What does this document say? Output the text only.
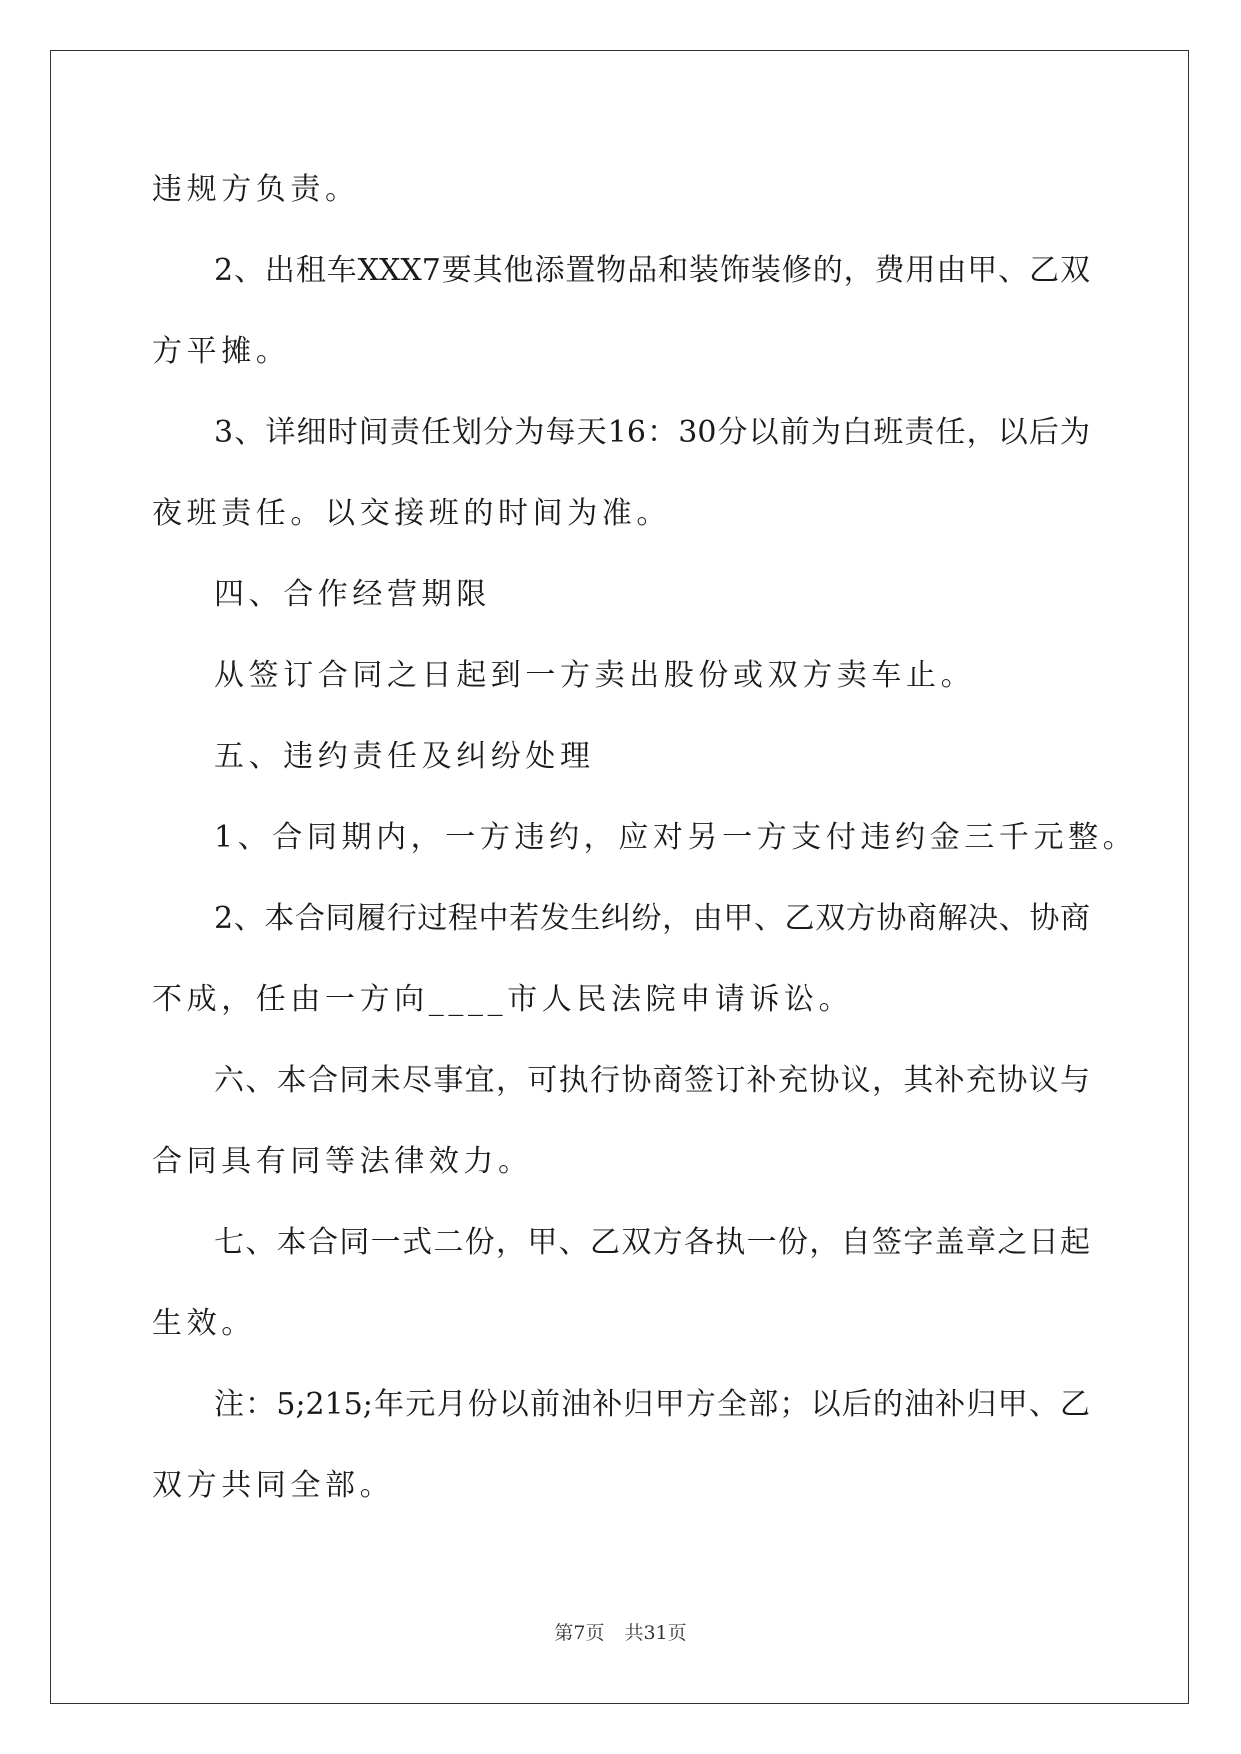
违规方负责。
2、出租车XXX7要其他添置物品和装饰装修的，费用由甲、乙双
方平摊。
3、详细时间责任划分为每天16：30分以前为白班责任，以后为
夜班责任。以交接班的时间为准。
四、合作经营期限
从签订合同之日起到一方卖出股份或双方卖车止。
五、违约责任及纠纷处理
1、合同期内，一方违约，应对另一方支付违约金三千元整。
2、本合同履行过程中若发生纠纷，由甲、乙双方协商解决、协商
不成，任由一方向____市人民法院申请诉讼。
六、本合同未尽事宜，可执行协商签订补充协议，其补充协议与
合同具有同等法律效力。
七、本合同一式二份，甲、乙双方各执一份，自签字盖章之日起
生效。
注：5;215;年元月份以前油补归甲方全部；以后的油补归甲、乙
双方共同全部。
第7页 共31页
